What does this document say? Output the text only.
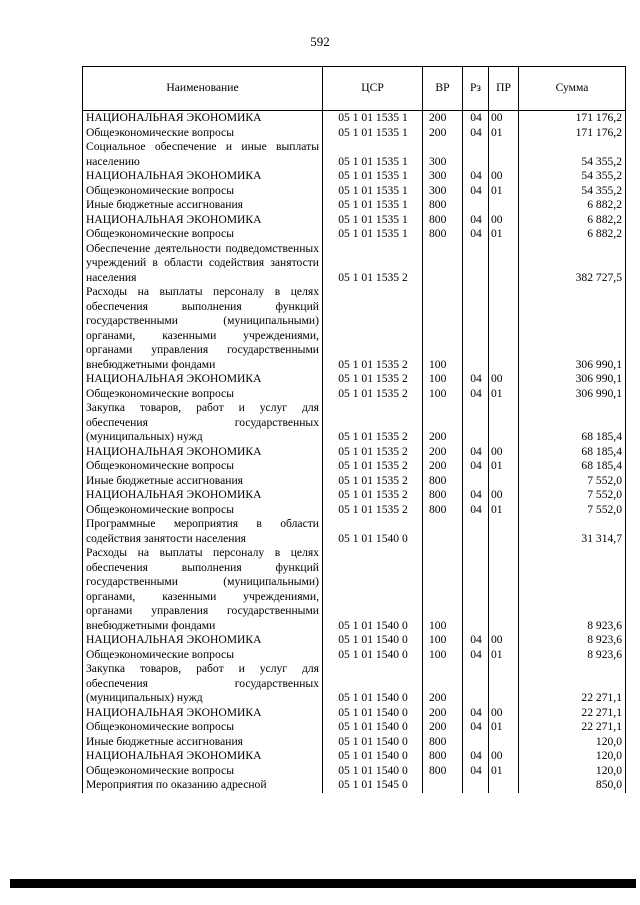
592
Наименование	ЦСР	ВР	Рз	ПР	Сумма
НАЦИОНАЛЬНАЯ ЭКОНОМИКА	05 1 01 1535 1	200	04	00	171 176,2
Общеэкономические вопросы	05 1 01 1535 1	200	04	01	171 176,2
Социальное обеспечение и иные выплаты населению	05 1 01 1535 1	300			54 355,2
НАЦИОНАЛЬНАЯ ЭКОНОМИКА	05 1 01 1535 1	300	04	00	54 355,2
Общеэкономические вопросы	05 1 01 1535 1	300	04	01	54 355,2
Иные бюджетные ассигнования	05 1 01 1535 1	800			6 882,2
НАЦИОНАЛЬНАЯ ЭКОНОМИКА	05 1 01 1535 1	800	04	00	6 882,2
Общеэкономические вопросы	05 1 01 1535 1	800	04	01	6 882,2
Обеспечение деятельности подведомственных учреждений в области содействия занятости населения	05 1 01 1535 2				382 727,5
Расходы на выплаты персоналу в целях обеспечения выполнения функций государственными (муниципальными) органами, казенными учреждениями, органами управления государственными внебюджетными фондами	05 1 01 1535 2	100			306 990,1
НАЦИОНАЛЬНАЯ ЭКОНОМИКА	05 1 01 1535 2	100	04	00	306 990,1
Общеэкономические вопросы	05 1 01 1535 2	100	04	01	306 990,1
Закупка товаров, работ и услуг для обеспечения государственных (муниципальных) нужд	05 1 01 1535 2	200			68 185,4
НАЦИОНАЛЬНАЯ ЭКОНОМИКА	05 1 01 1535 2	200	04	00	68 185,4
Общеэкономические вопросы	05 1 01 1535 2	200	04	01	68 185,4
Иные бюджетные ассигнования	05 1 01 1535 2	800			7 552,0
НАЦИОНАЛЬНАЯ ЭКОНОМИКА	05 1 01 1535 2	800	04	00	7 552,0
Общеэкономические вопросы	05 1 01 1535 2	800	04	01	7 552,0
Программные мероприятия в области содействия занятости населения	05 1 01 1540 0				31 314,7
Расходы на выплаты персоналу в целях обеспечения выполнения функций государственными (муниципальными) органами, казенными учреждениями, органами управления государственными внебюджетными фондами	05 1 01 1540 0	100			8 923,6
НАЦИОНАЛЬНАЯ ЭКОНОМИКА	05 1 01 1540 0	100	04	00	8 923,6
Общеэкономические вопросы	05 1 01 1540 0	100	04	01	8 923,6
Закупка товаров, работ и услуг для обеспечения государственных (муниципальных) нужд	05 1 01 1540 0	200			22 271,1
НАЦИОНАЛЬНАЯ ЭКОНОМИКА	05 1 01 1540 0	200	04	00	22 271,1
Общеэкономические вопросы	05 1 01 1540 0	200	04	01	22 271,1
Иные бюджетные ассигнования	05 1 01 1540 0	800			120,0
НАЦИОНАЛЬНАЯ ЭКОНОМИКА	05 1 01 1540 0	800	04	00	120,0
Общеэкономические вопросы	05 1 01 1540 0	800	04	01	120,0
Мероприятия по оказанию адресной	05 1 01 1545 0				850,0
